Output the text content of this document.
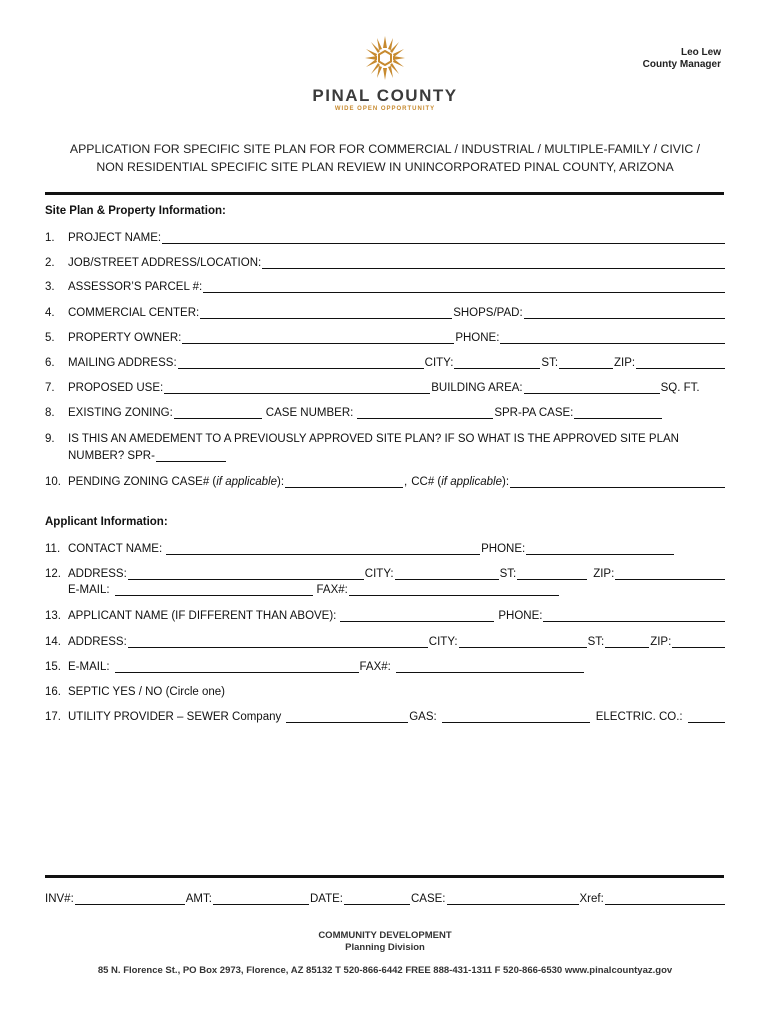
Leo Lew
County Manager
PINAL COUNTY
WIDE OPEN OPPORTUNITY
APPLICATION FOR SPECIFIC SITE PLAN FOR FOR COMMERCIAL / INDUSTRIAL / MULTIPLE-FAMILY / CIVIC /
NON RESIDENTIAL SPECIFIC SITE PLAN REVIEW IN UNINCORPORATED PINAL COUNTY, ARIZONA
Site Plan & Property Information:
1.	PROJECT NAME:
2.	JOB/STREET ADDRESS/LOCATION:
3.	ASSESSOR’S PARCEL #:
4.	COMMERCIAL CENTER:	SHOPS/PAD:
5.	PROPERTY OWNER:	PHONE:
6.	MAILING ADDRESS:	CITY:	ST:	ZIP:
7.	PROPOSED USE:	BUILDING AREA:	SQ. FT.
8.	EXISTING ZONING:	CASE NUMBER:	SPR-PA CASE:
9.	IS THIS AN AMEDEMENT TO A PREVIOUSLY APPROVED SITE PLAN? IF SO WHAT IS THE APPROVED SITE PLAN
NUMBER? SPR-
10. PENDING ZONING CASE# (if applicable):	, CC# (if applicable):
Applicant Information:
11. CONTACT NAME:	PHONE:
12. ADDRESS:	CITY:	ST:	ZIP:
E-MAIL:	FAX#:
13. APPLICANT NAME (IF DIFFERENT THAN ABOVE):	PHONE:
14. ADDRESS:	CITY:	ST:	ZIP:
15. E-MAIL:	FAX#:
16. SEPTIC YES / NO (Circle one)
17. UTILITY PROVIDER – SEWER Company	GAS:	ELECTRIC. CO.:
INV#:	AMT:	DATE:	CASE:	Xref:
COMMUNITY DEVELOPMENT
Planning Division
85 N. Florence St., PO Box 2973, Florence, AZ 85132 T 520-866-6442 FREE 888-431-1311 F 520-866-6530 www.pinalcountyaz.gov
